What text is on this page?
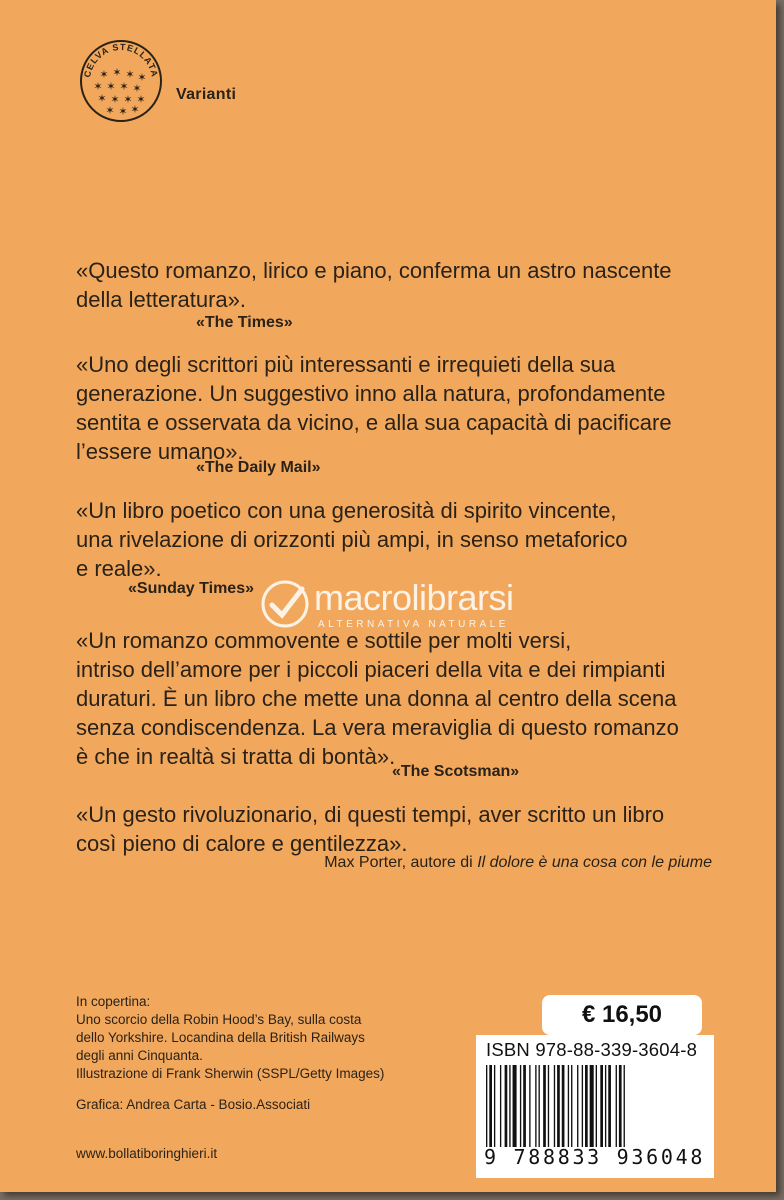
CELVA STELLATA
✶ ✶ ✶ ✶
✶ ✶ ✶ ✶
✶ ✶ ✶ ✶
✶ ✶ ✶
Varianti

«Questo romanzo, lirico e piano, conferma un astro nascente

della letteratura».

«The Times»

«Uno degli scrittori più interessanti e irrequieti della sua

generazione. Un suggestivo inno alla natura, profondamente

sentita e osservata da vicino, e alla sua capacità di pacificare

l’essere umano».

«The Daily Mail»

«Un libro poetico con una generosità di spirito vincente,

una rivelazione di orizzonti più ampi, in senso metaforico

e reale».

«Sunday Times»

«Un romanzo commovente e sottile per molti versi,

intriso dell’amore per i piccoli piaceri della vita e dei rimpianti

duraturi. È un libro che mette una donna al centro della scena

senza condiscendenza. La vera meraviglia di questo romanzo

è che in realtà si tratta di bontà».

«The Scotsman»

«Un gesto rivoluzionario, di questi tempi, aver scritto un libro

così pieno di calore e gentilezza».

Max Porter, autore di Il dolore è una cosa con le piume
macrolibrarsi
ALTERNATIVA NATURALE

In copertina:

Uno scorcio della Robin Hood’s Bay, sulla costa

dello Yorkshire. Locandina della British Railways

degli anni Cinquanta.

Illustrazione di Frank Sherwin (SSPL/Getty Images)

Grafica: Andrea Carta - Bosio.Associati
www.bollatiboringhieri.it
€ 16,50
ISBN 978-88-339-3604-8
9 788833 936048
